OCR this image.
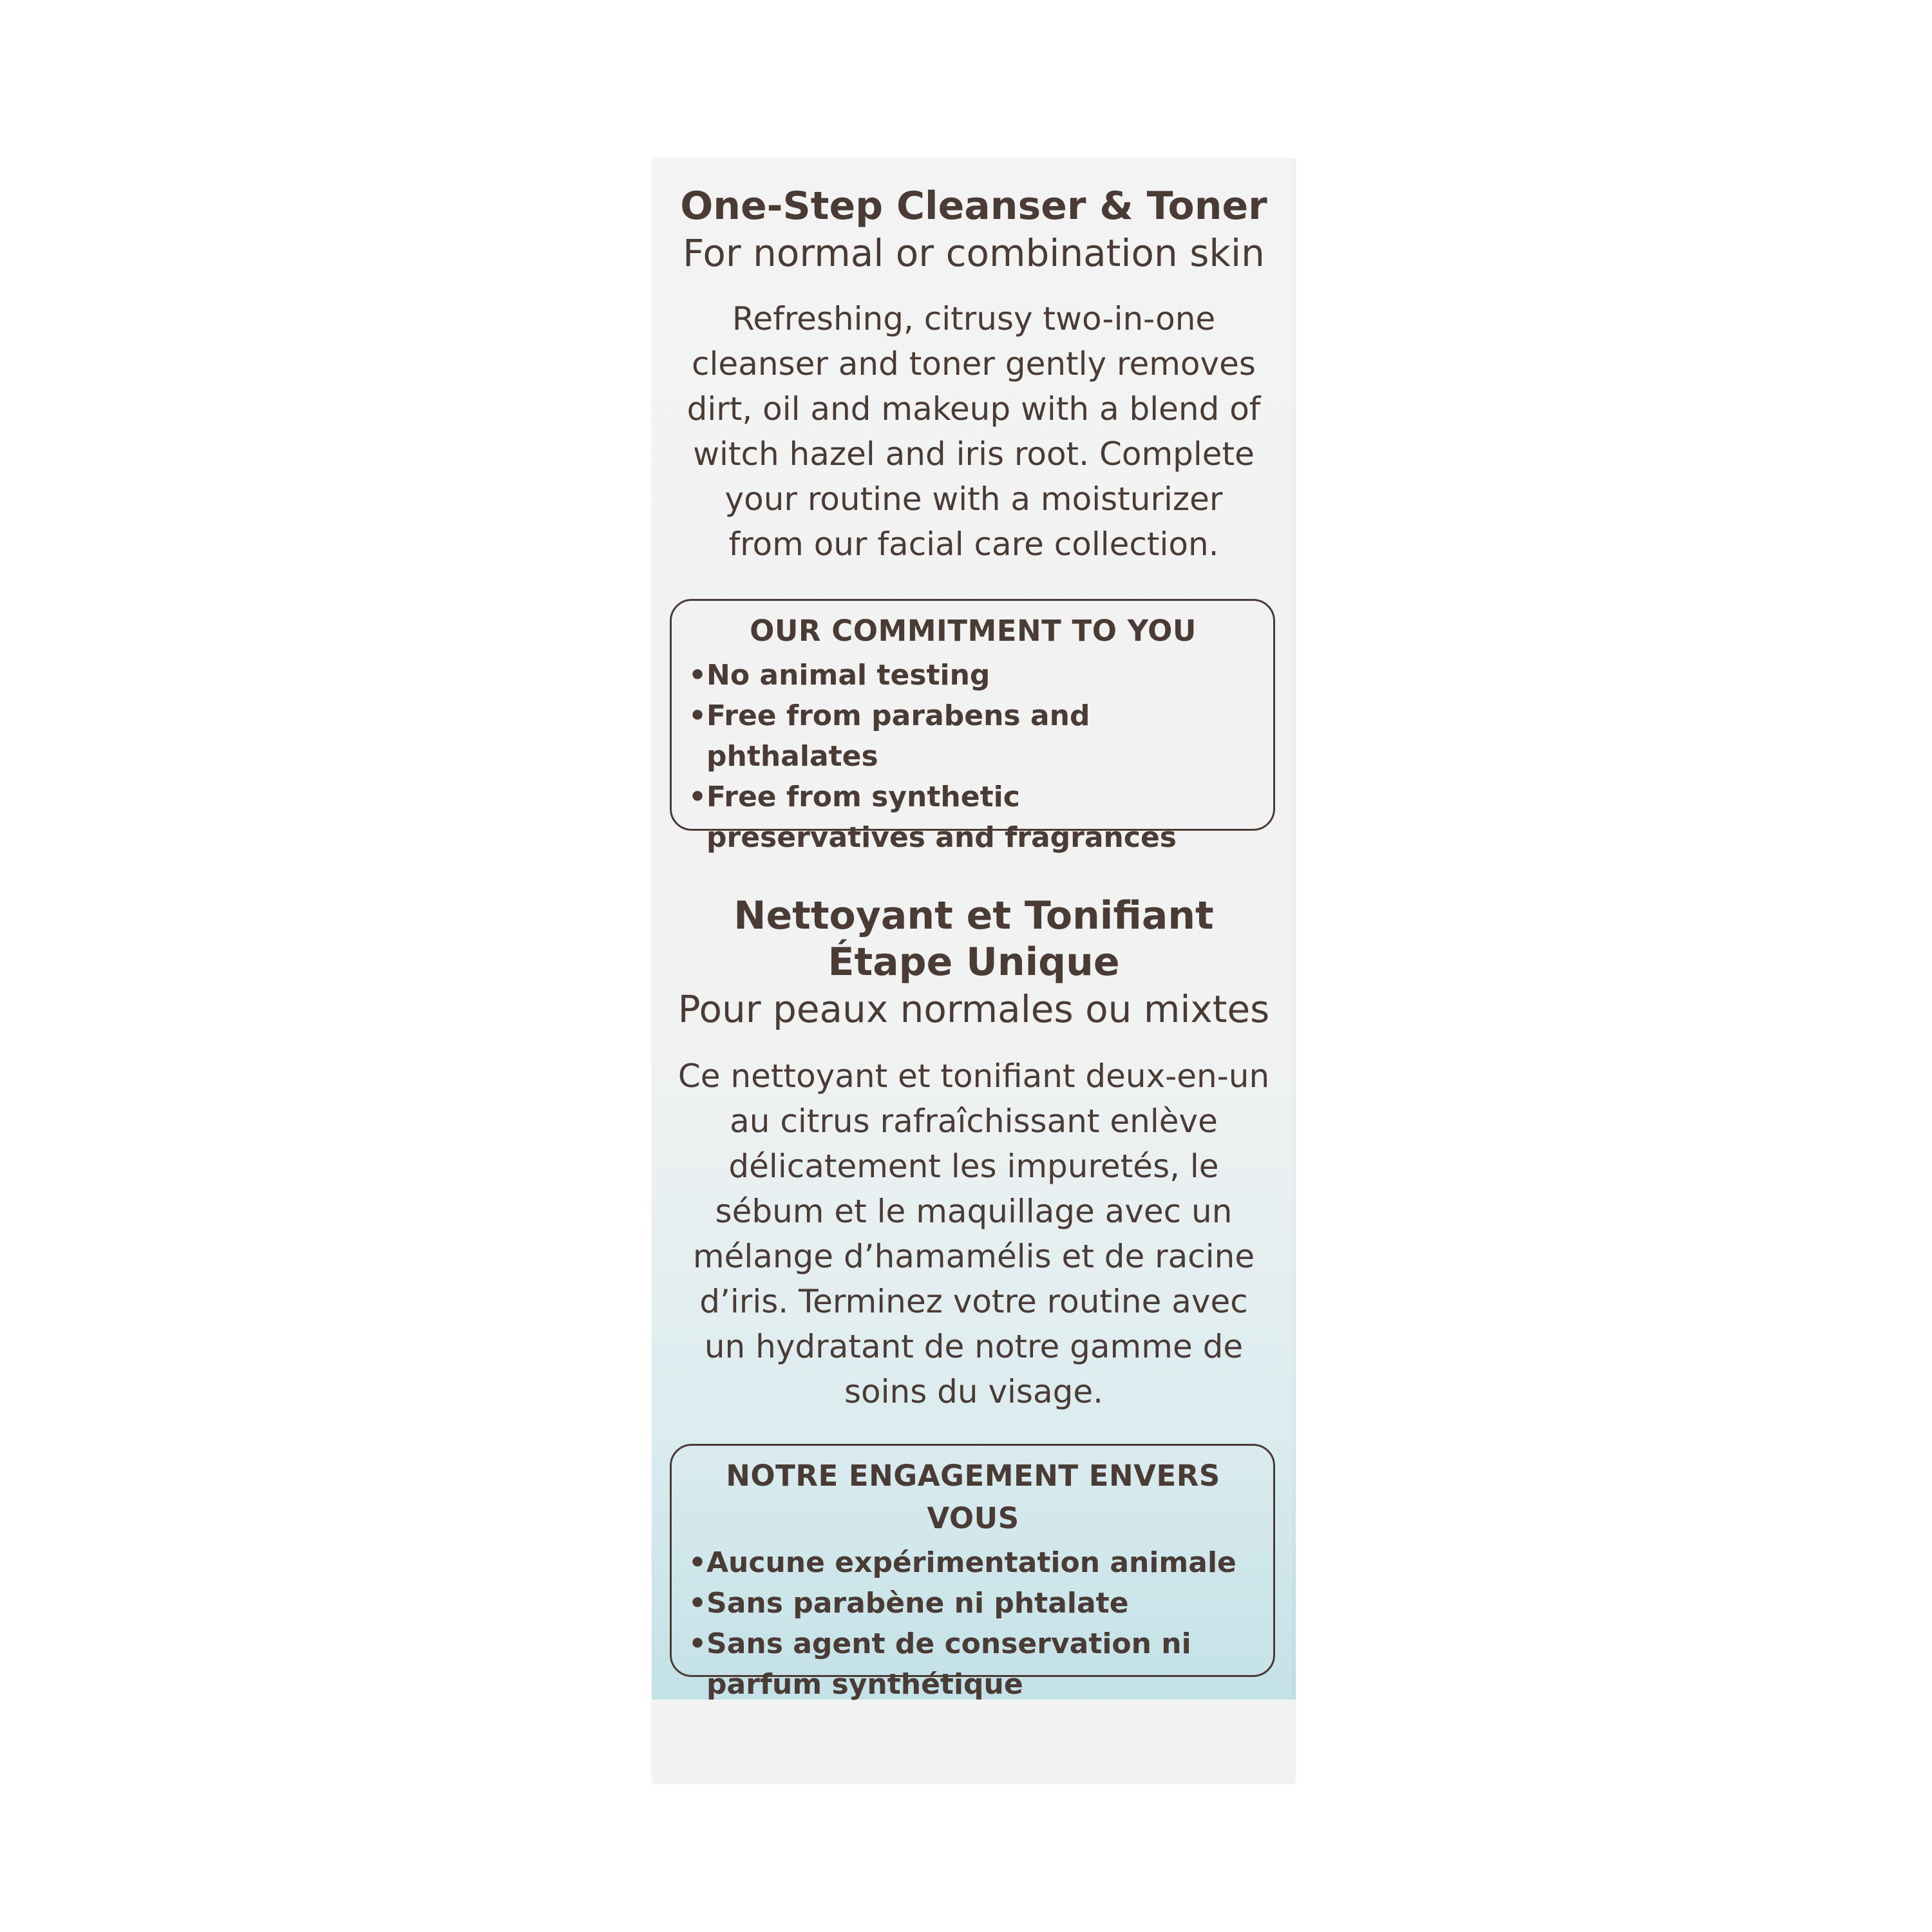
One-Step Cleanser & Toner

For normal or combination skin

Refreshing, citrusy two-in-one

cleanser and toner gently removes

dirt, oil and makeup with a blend of

witch hazel and iris root. Complete

your routine with a moisturizer

from our facial care collection.

OUR COMMITMENT TO YOU

• No animal testing
• Free from parabens and phthalates
• Free from synthetic preservatives and fragrances

Nettoyant et Tonifiant

Étape Unique

Pour peaux normales ou mixtes

Ce nettoyant et tonifiant deux-en-un

au citrus rafraîchissant enlève

délicatement les impuretés, le

sébum et le maquillage avec un

mélange d’hamamélis et de racine

d’iris. Terminez votre routine avec

un hydratant de notre gamme de

soins du visage.

NOTRE ENGAGEMENT ENVERS VOUS

• Aucune expérimentation animale
• Sans parabène ni phtalate
• Sans agent de conservation ni parfum synthétique
